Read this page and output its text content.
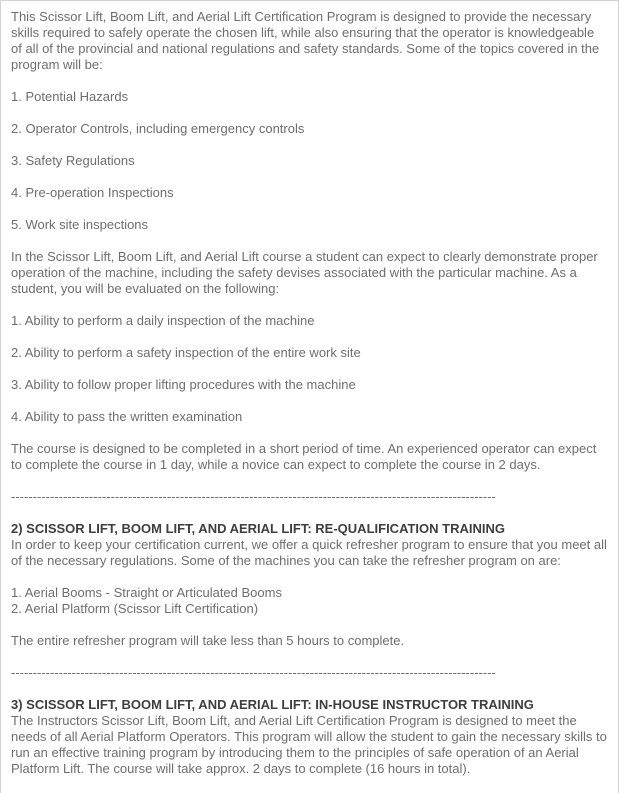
This Scissor Lift, Boom Lift, and Aerial Lift Certification Program is designed to provide the necessary skills required to safely operate the chosen lift, while also ensuring that the operator is knowledgeable of all of the provincial and national regulations and safety standards. Some of the topics covered in the program will be:

1. Potential Hazards

2. Operator Controls, including emergency controls

3. Safety Regulations

4. Pre-operation Inspections

5. Work site inspections

In the Scissor Lift, Boom Lift, and Aerial Lift course a student can expect to clearly demonstrate proper operation of the machine, including the safety devises associated with the particular machine. As a student, you will be evaluated on the following:

1. Ability to perform a daily inspection of the machine

2. Ability to perform a safety inspection of the entire work site

3. Ability to follow proper lifting procedures with the machine

4. Ability to pass the written examination

The course is designed to be completed in a short period of time. An experienced operator can expect to complete the course in 1 day, while a novice can expect to complete the course in 2 days.

----------------------------------------------------------------------------------------------------------------

2) SCISSOR LIFT, BOOM LIFT, AND AERIAL LIFT: RE-QUALIFICATION TRAINING

In order to keep your certification current, we offer a quick refresher program to ensure that you meet all of the necessary regulations. Some of the machines you can take the refresher program on are:

1. Aerial Booms - Straight or Articulated Booms
2. Aerial Platform (Scissor Lift Certification)

The entire refresher program will take less than 5 hours to complete.

----------------------------------------------------------------------------------------------------------------

3) SCISSOR LIFT, BOOM LIFT, AND AERIAL LIFT: IN-HOUSE INSTRUCTOR TRAINING

The Instructors Scissor Lift, Boom Lift, and Aerial Lift Certification Program is designed to meet the needs of all Aerial Platform Operators. This program will allow the student to gain the necessary skills to run an effective training program by introducing them to the principles of safe operation of an Aerial Platform Lift. The course will take approx. 2 days to complete (16 hours in total).
